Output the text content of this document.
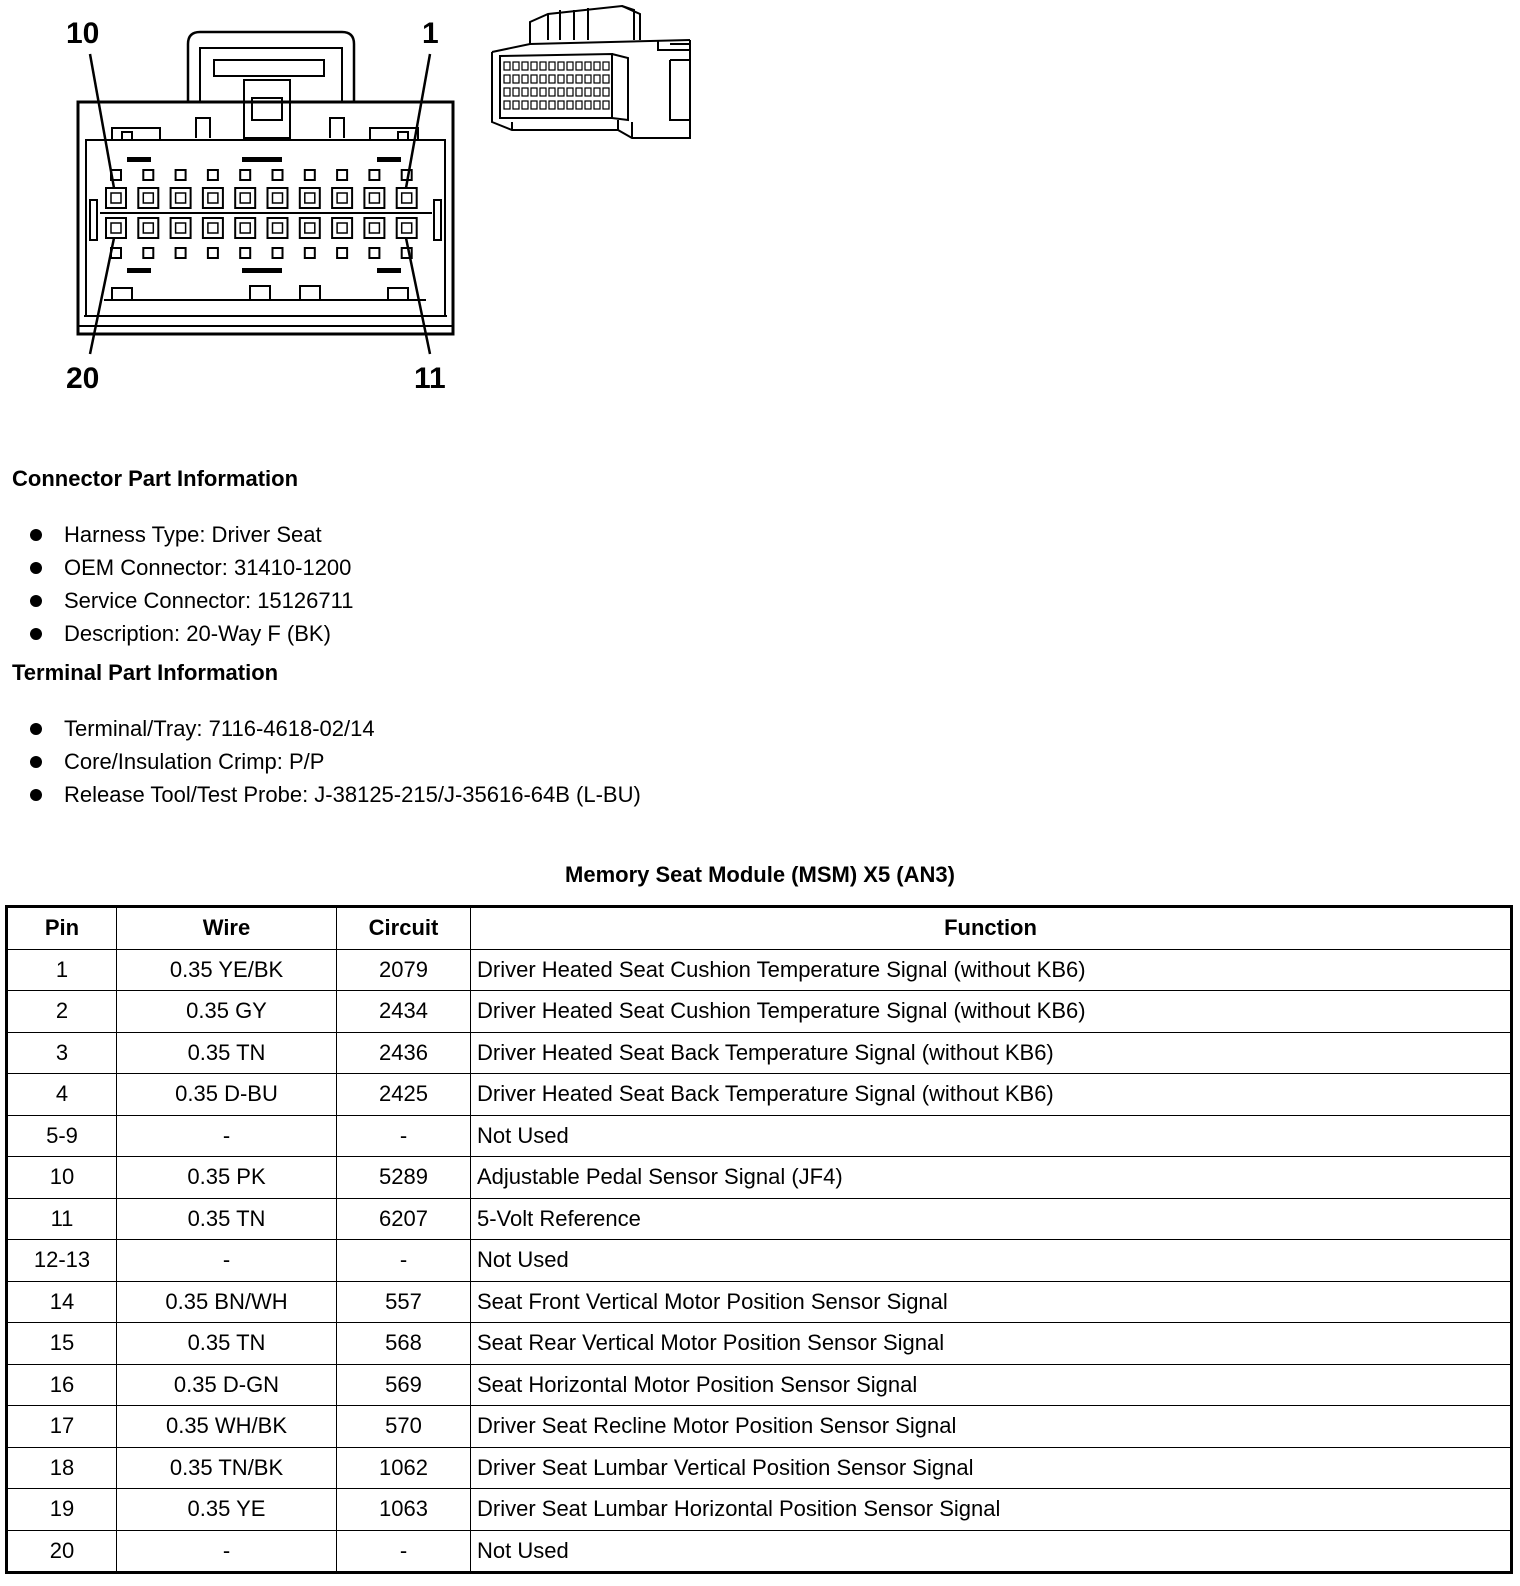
10	1
20	11
Connector Part Information
Harness Type: Driver Seat
OEM Connector: 31410-1200
Service Connector: 15126711
Description: 20-Way F (BK)
Terminal Part Information
Terminal/Tray: 7116-4618-02/14
Core/Insulation Crimp: P/P
Release Tool/Test Probe: J-38125-215/J-35616-64B (L-BU)
Memory Seat Module (MSM) X5 (AN3)
Pin	Wire	Circuit	Function
1	0.35 YE/BK	2079	Driver Heated Seat Cushion Temperature Signal (without KB6)
2	0.35 GY	2434	Driver Heated Seat Cushion Temperature Signal (without KB6)
3	0.35 TN	2436	Driver Heated Seat Back Temperature Signal (without KB6)
4	0.35 D-BU	2425	Driver Heated Seat Back Temperature Signal (without KB6)
5-9	-	-	Not Used
10	0.35 PK	5289	Adjustable Pedal Sensor Signal (JF4)
11	0.35 TN	6207	5-Volt Reference
12-13	-	-	Not Used
14	0.35 BN/WH	557	Seat Front Vertical Motor Position Sensor Signal
15	0.35 TN	568	Seat Rear Vertical Motor Position Sensor Signal
16	0.35 D-GN	569	Seat Horizontal Motor Position Sensor Signal
17	0.35 WH/BK	570	Driver Seat Recline Motor Position Sensor Signal
18	0.35 TN/BK	1062	Driver Seat Lumbar Vertical Position Sensor Signal
19	0.35 YE	1063	Driver Seat Lumbar Horizontal Position Sensor Signal
20	-	-	Not Used
